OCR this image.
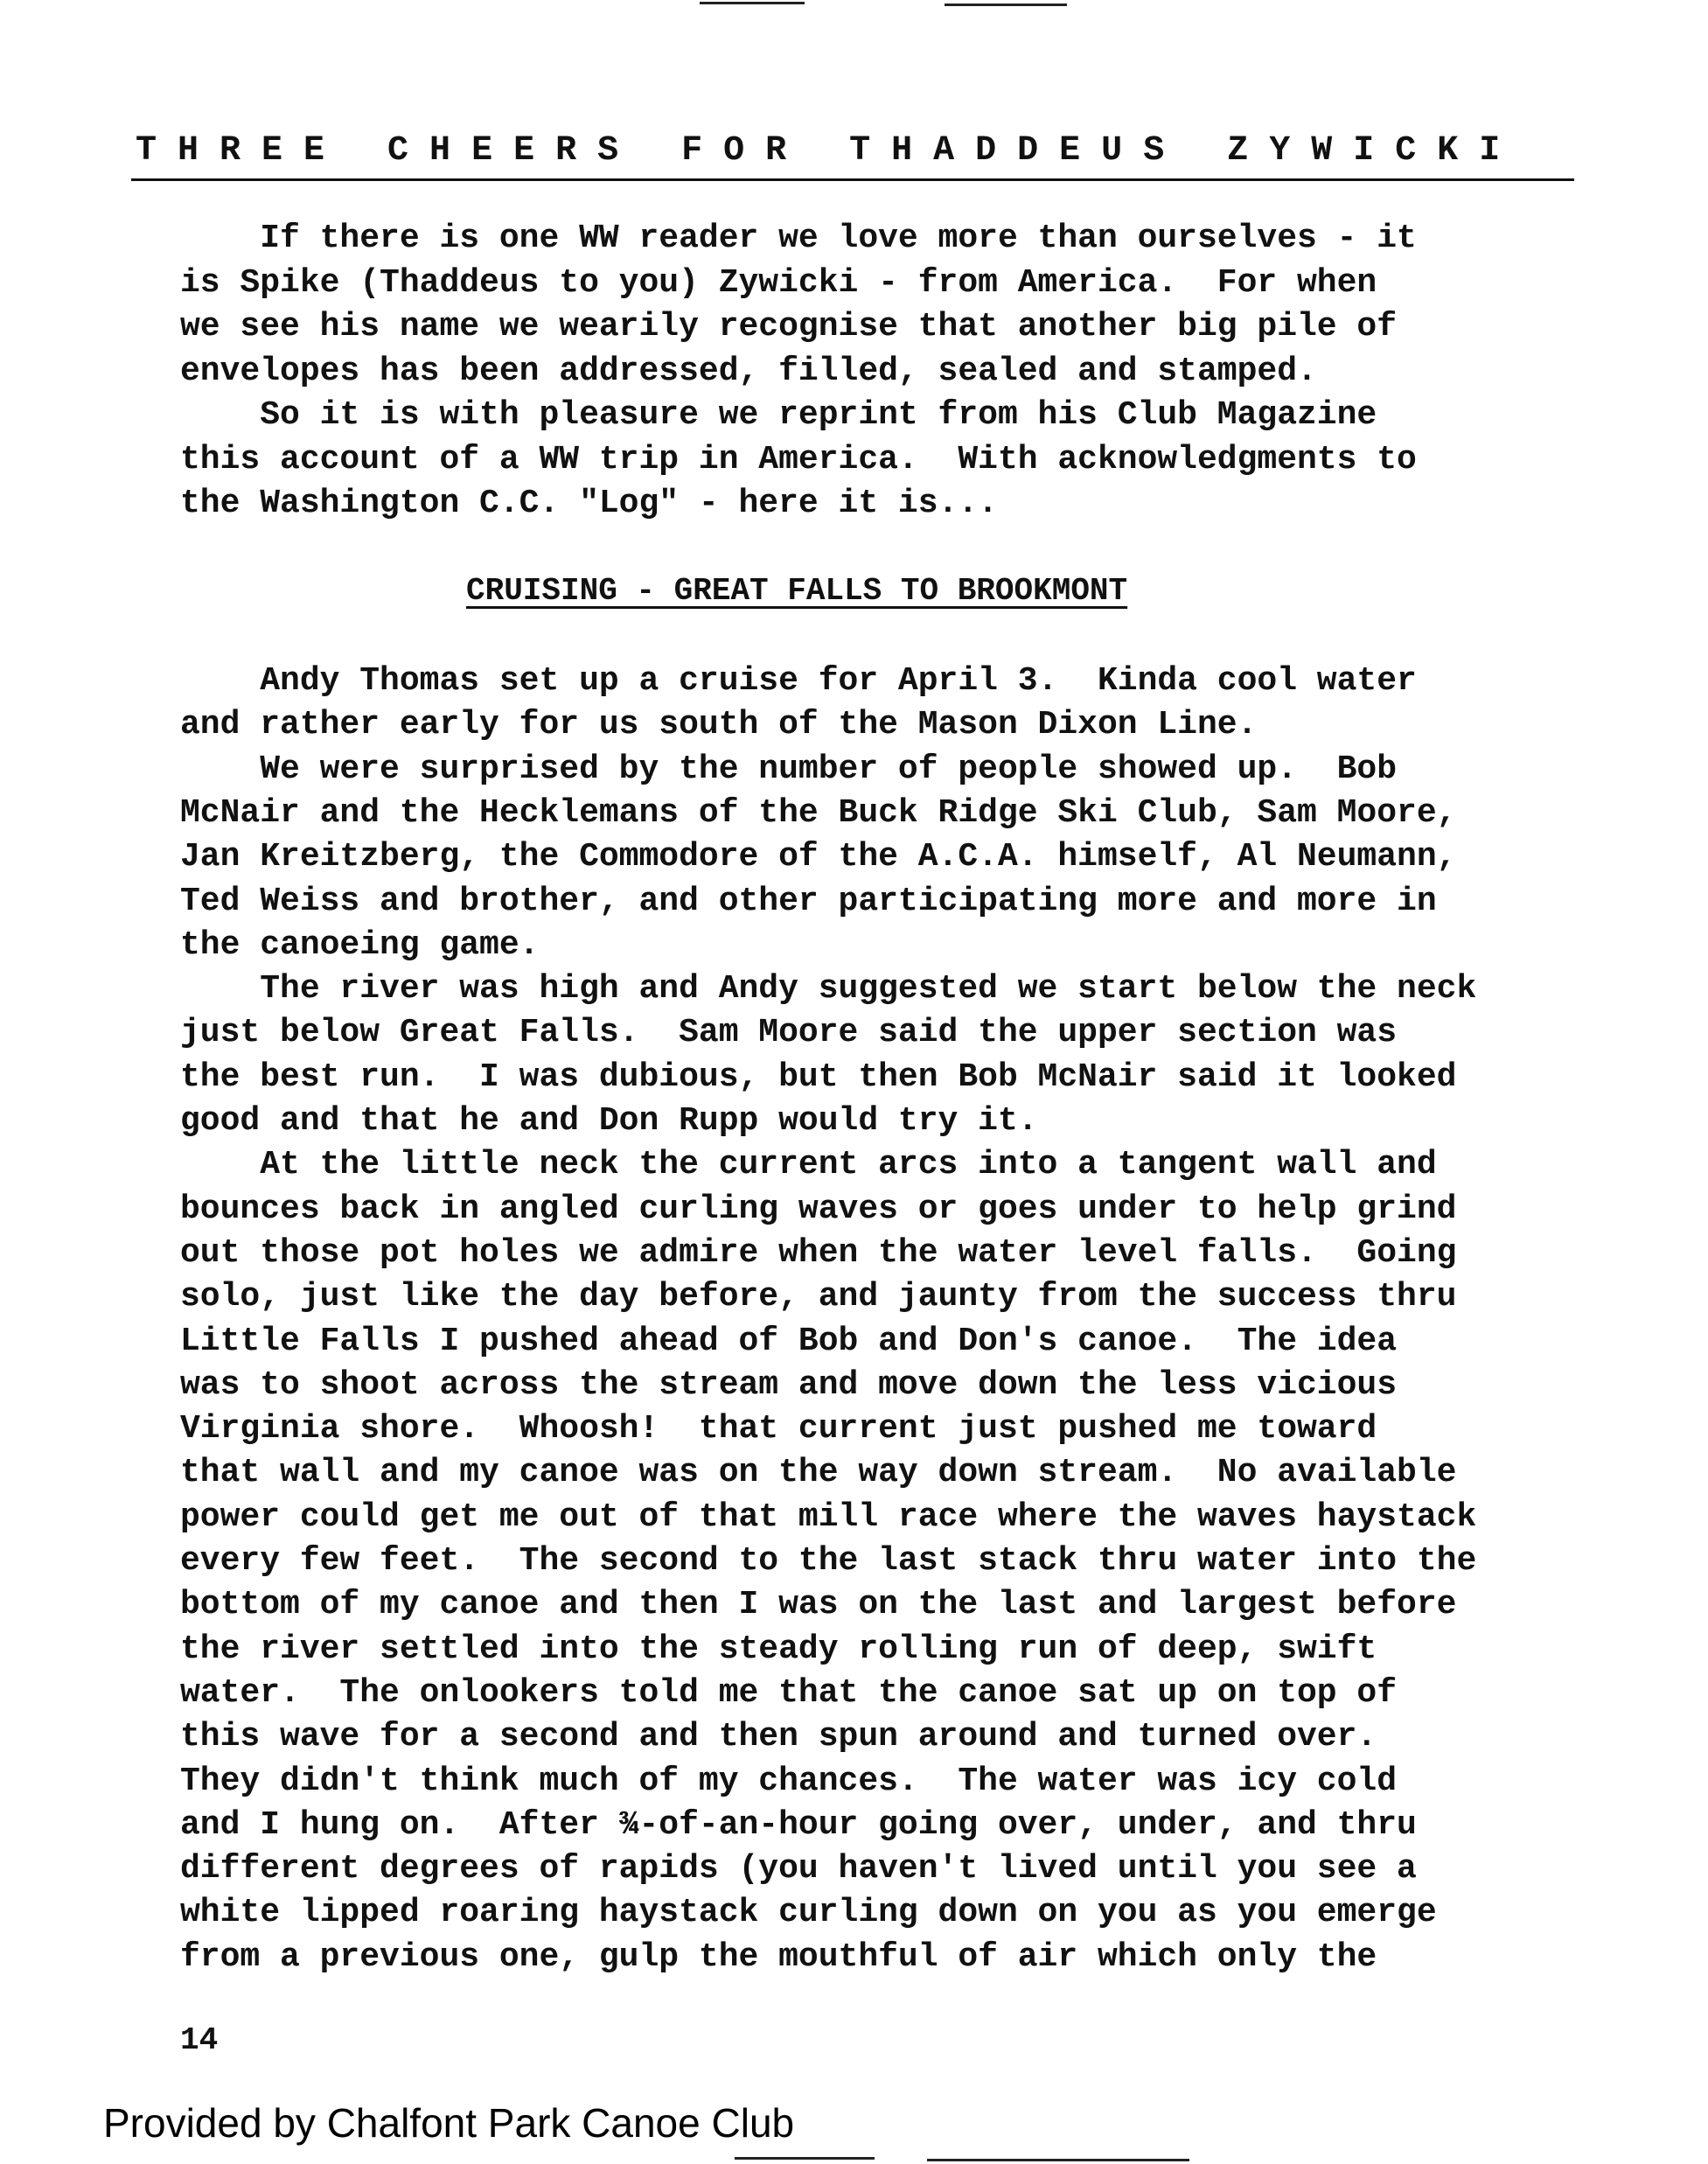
T H R E E   C H E E R S   F O R   T H A D D E U S   Z Y W I C K I
If there is one WW reader we love more than ourselves - it
is Spike (Thaddeus to you) Zywicki - from America.  For when
we see his name we wearily recognise that another big pile of
envelopes has been addressed, filled, sealed and stamped.
So it is with pleasure we reprint from his Club Magazine
this account of a WW trip in America.  With acknowledgments to
the Washington C.C. "Log" - here it is...
CRUISING - GREAT FALLS TO BROOKMONT
Andy Thomas set up a cruise for April 3.  Kinda cool water
and rather early for us south of the Mason Dixon Line.
We were surprised by the number of people showed up.  Bob
McNair and the Hecklemans of the Buck Ridge Ski Club, Sam Moore,
Jan Kreitzberg, the Commodore of the A.C.A. himself, Al Neumann,
Ted Weiss and brother, and other participating more and more in
the canoeing game.
The river was high and Andy suggested we start below the neck
just below Great Falls.  Sam Moore said the upper section was
the best run.  I was dubious, but then Bob McNair said it looked
good and that he and Don Rupp would try it.
At the little neck the current arcs into a tangent wall and
bounces back in angled curling waves or goes under to help grind
out those pot holes we admire when the water level falls.  Going
solo, just like the day before, and jaunty from the success thru
Little Falls I pushed ahead of Bob and Don's canoe.  The idea
was to shoot across the stream and move down the less vicious
Virginia shore.  Whoosh!  that current just pushed me toward
that wall and my canoe was on the way down stream.  No available
power could get me out of that mill race where the waves haystack
every few feet.  The second to the last stack thru water into the
bottom of my canoe and then I was on the last and largest before
the river settled into the steady rolling run of deep, swift
water.  The onlookers told me that the canoe sat up on top of
this wave for a second and then spun around and turned over.
They didn't think much of my chances.  The water was icy cold
and I hung on.  After ¾-of-an-hour going over, under, and thru
different degrees of rapids (you haven't lived until you see a
white lipped roaring haystack curling down on you as you emerge
from a previous one, gulp the mouthful of air which only the
14
Provided by Chalfont Park Canoe Club
